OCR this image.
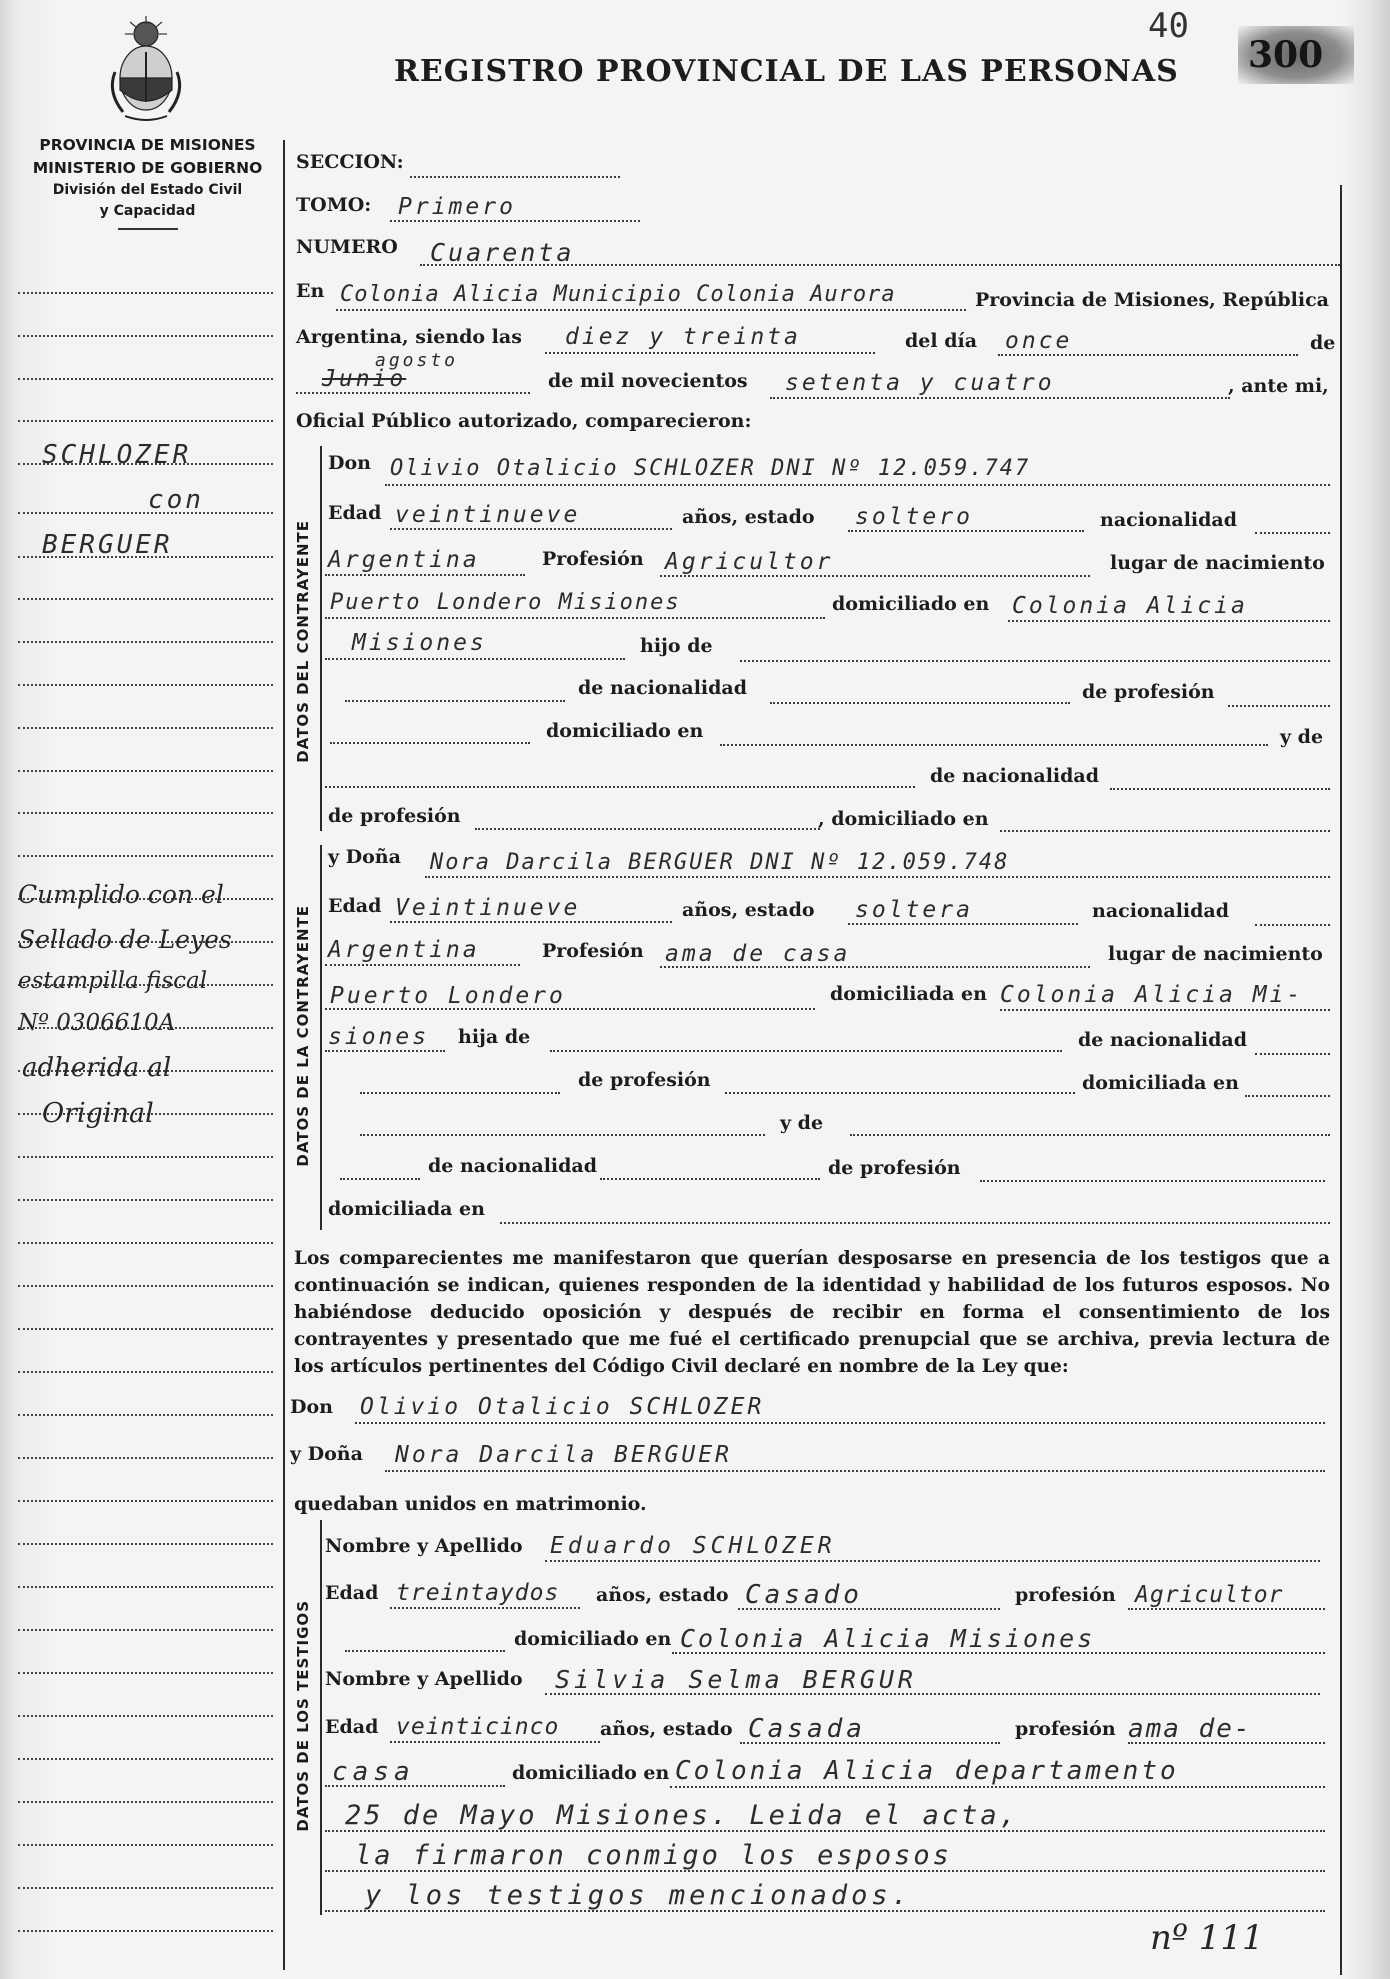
40
300
REGISTRO PROVINCIAL DE LAS PERSONAS
PROVINCIA DE MISIONES
MINISTERIO DE GOBIERNO
División del Estado Civil
y Capacidad
SCHLOZER
con
BERGUER
Cumplido con el
Sellado de Leyes
estampilla fiscal
Nº 0306610A
adherida al
Original
SECCION:
TOMO: Primero
NUMERO Cuarenta
En Colonia Alicia Municipio Colonia Aurora	Provincia de Misiones, República
Argentina, siendo las diez y treinta	del día once	de
Junio
agosto
de mil novecientos setenta y cuatro	, ante mi,
Oficial Público autorizado, comparecieron:
DATOS DEL CONTRAYENTE
Don Olivio Otalicio SCHLOZER DNI Nº 12.059.747
Edad veintinueve	años, estado soltero	nacionalidad
Argentina	Profesión Agricultor	lugar de nacimiento
Puerto Londero Misiones	domiciliado en Colonia Alicia
Misiones	hijo de
de nacionalidad	de profesión
domiciliado en	y de
de nacionalidad
de profesión	, domiciliado en
DATOS DE LA CONTRAYENTE
y Doña Nora Darcila BERGUER DNI Nº 12.059.748
Edad Veintinueve	años, estado soltera	nacionalidad
Argentina	Profesión ama de casa	lugar de nacimiento
Puerto Londero	domiciliada en Colonia Alicia Mi-
siones hija de	de nacionalidad
de profesión	domiciliada en
y de
de nacionalidad	de profesión
domiciliada en
Los comparecientes me manifestaron que querían desposarse en presencia de los testigos que a continuación se indican, quienes responden de la identidad y habilidad de los futuros esposos. No habiéndose deducido oposición y después de recibir en forma el consentimiento de los contrayentes y presentado que me fué el certificado prenupcial que se archiva, previa lectura de los artículos pertinentes del Código Civil declaré en nombre de la Ley que:
Don Olivio Otalicio SCHLOZER
y Doña Nora Darcila BERGUER
quedaban unidos en matrimonio.
DATOS DE LOS TESTIGOS
Nombre y Apellido Eduardo SCHLOZER
Edad treintaydos años, estado Casado	profesión Agricultor
domiciliado en Colonia Alicia Misiones
Nombre y Apellido Silvia Selma BERGUR
Edad veinticinco años, estado Casada	profesión ama de-
casa	domiciliado en Colonia Alicia departamento
25 de Mayo Misiones. Leida el acta,
la firmaron conmigo los esposos
y los testigos mencionados.
nº 111
